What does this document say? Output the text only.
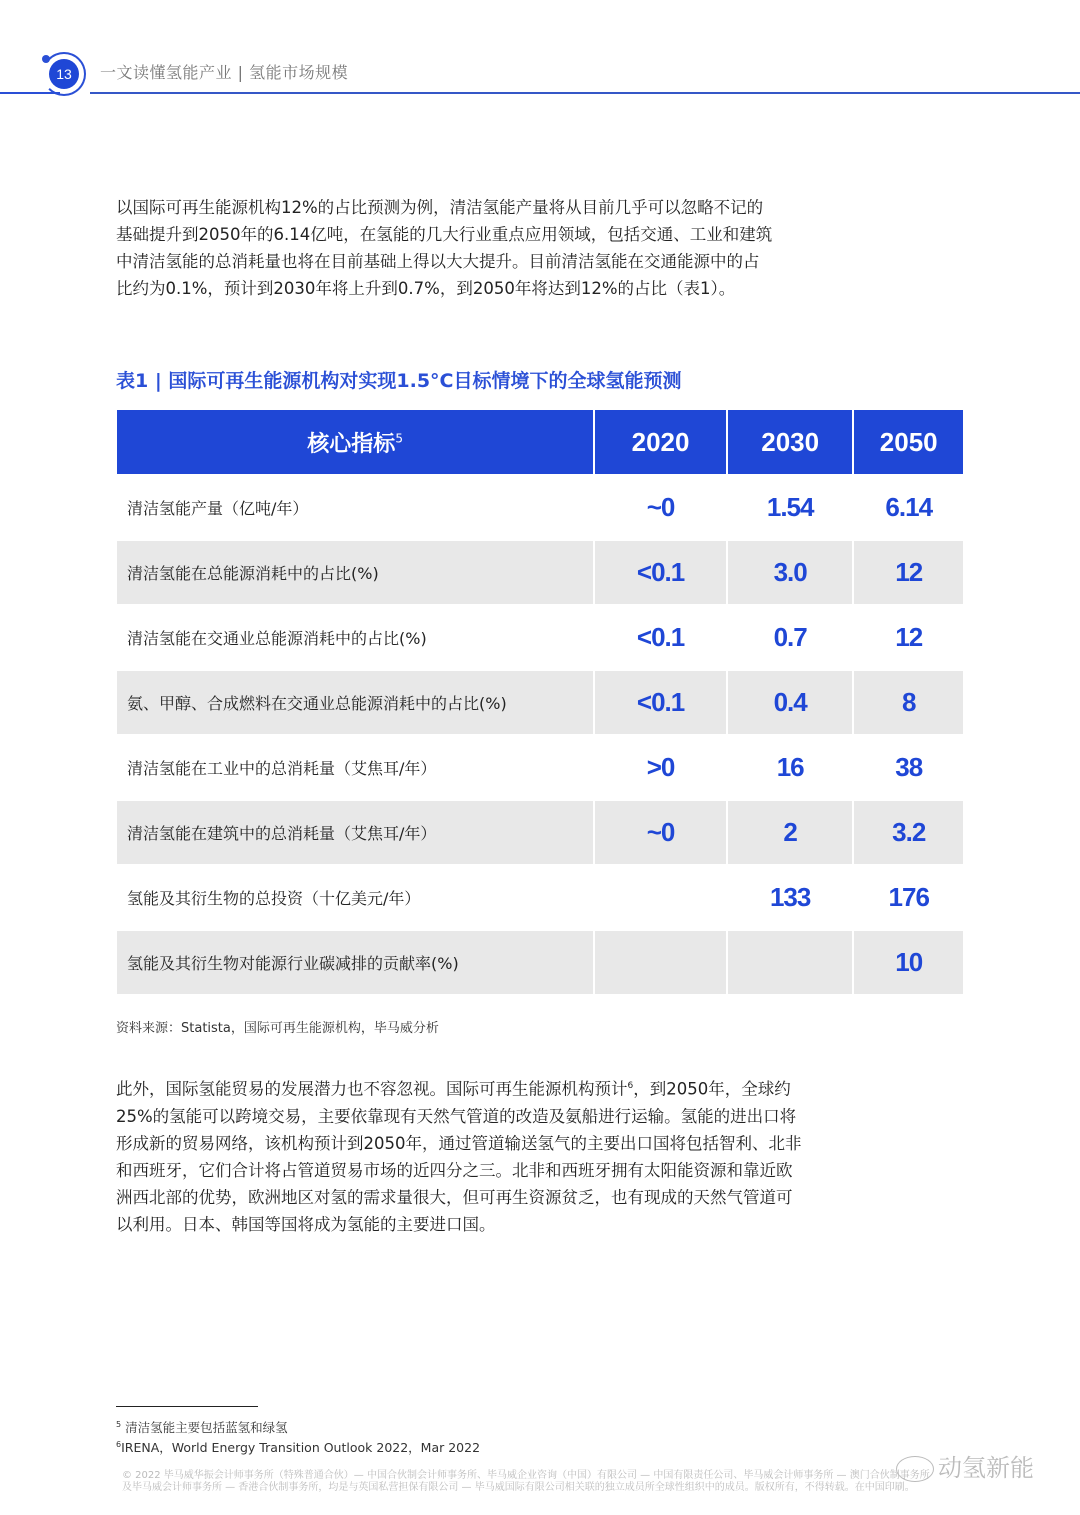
13	一文读懂氢能产业 | 氢能市场规模
以国际可再生能源机构12%的占比预测为例，清洁氢能产量将从目前几乎可以忽略不记的
基础提升到2050年的6.14亿吨，在氢能的几大行业重点应用领域，包括交通、工业和建筑
中清洁氢能的总消耗量也将在目前基础上得以大大提升。目前清洁氢能在交通能源中的占
比约为0.1%，预计到2030年将上升到0.7%，到2050年将达到12%的占比（表1）。
表1 | 国际可再生能源机构对实现1.5°C目标情境下的全球氢能预测
核心指标$^5$	2020	2030	2050
清洁氢能产量（亿吨/年）	~0	1.54	6.14
清洁氢能在总能源消耗中的占比(%)	<0.1	3.0	12
清洁氢能在交通业总能源消耗中的占比(%)	<0.1	0.7	12
氨、甲醇、合成燃料在交通业总能源消耗中的占比(%)	<0.1	0.4	8
清洁氢能在工业中的总消耗量（艾焦耳/年）	>0	16	38
清洁氢能在建筑中的总消耗量（艾焦耳/年）	~0	2	3.2
氢能及其衍生物的总投资（十亿美元/年）		133	176
氢能及其衍生物对能源行业碳减排的贡献率(%)			10
资料来源：Statista，国际可再生能源机构，毕马威分析
此外，国际氢能贸易的发展潜力也不容忽视。国际可再生能源机构预计$^6$，到2050年，全球约
25%的氢能可以跨境交易，主要依靠现有天然气管道的改造及氨船进行运输。氢能的进出口将
形成新的贸易网络，该机构预计到2050年，通过管道输送氢气的主要出口国将包括智利、北非
和西班牙，它们合计将占管道贸易市场的近四分之三。北非和西班牙拥有太阳能资源和靠近欧
洲西北部的优势，欧洲地区对氢的需求量很大，但可再生资源贫乏，也有现成的天然气管道可
以利用。日本、韩国等国将成为氢能的主要进口国。
$^5$ 清洁氢能主要包括蓝氢和绿氢
$^6$IRENA，World Energy Transition Outlook 2022，Mar 2022
© 2022 毕马威华振会计师事务所（特殊普通合伙）— 中国合伙制会计师事务所、毕马威企业咨询（中国）有限公司 — 中国有限责任公司、毕马威会计师事务所 — 澳门合伙制事务所
及毕马威会计师事务所 — 香港合伙制事务所，均是与英国私营担保有限公司 — 毕马威国际有限公司相关联的独立成员所全球性组织中的成员。版权所有，不得转载。在中国印刷。
动氢新能
